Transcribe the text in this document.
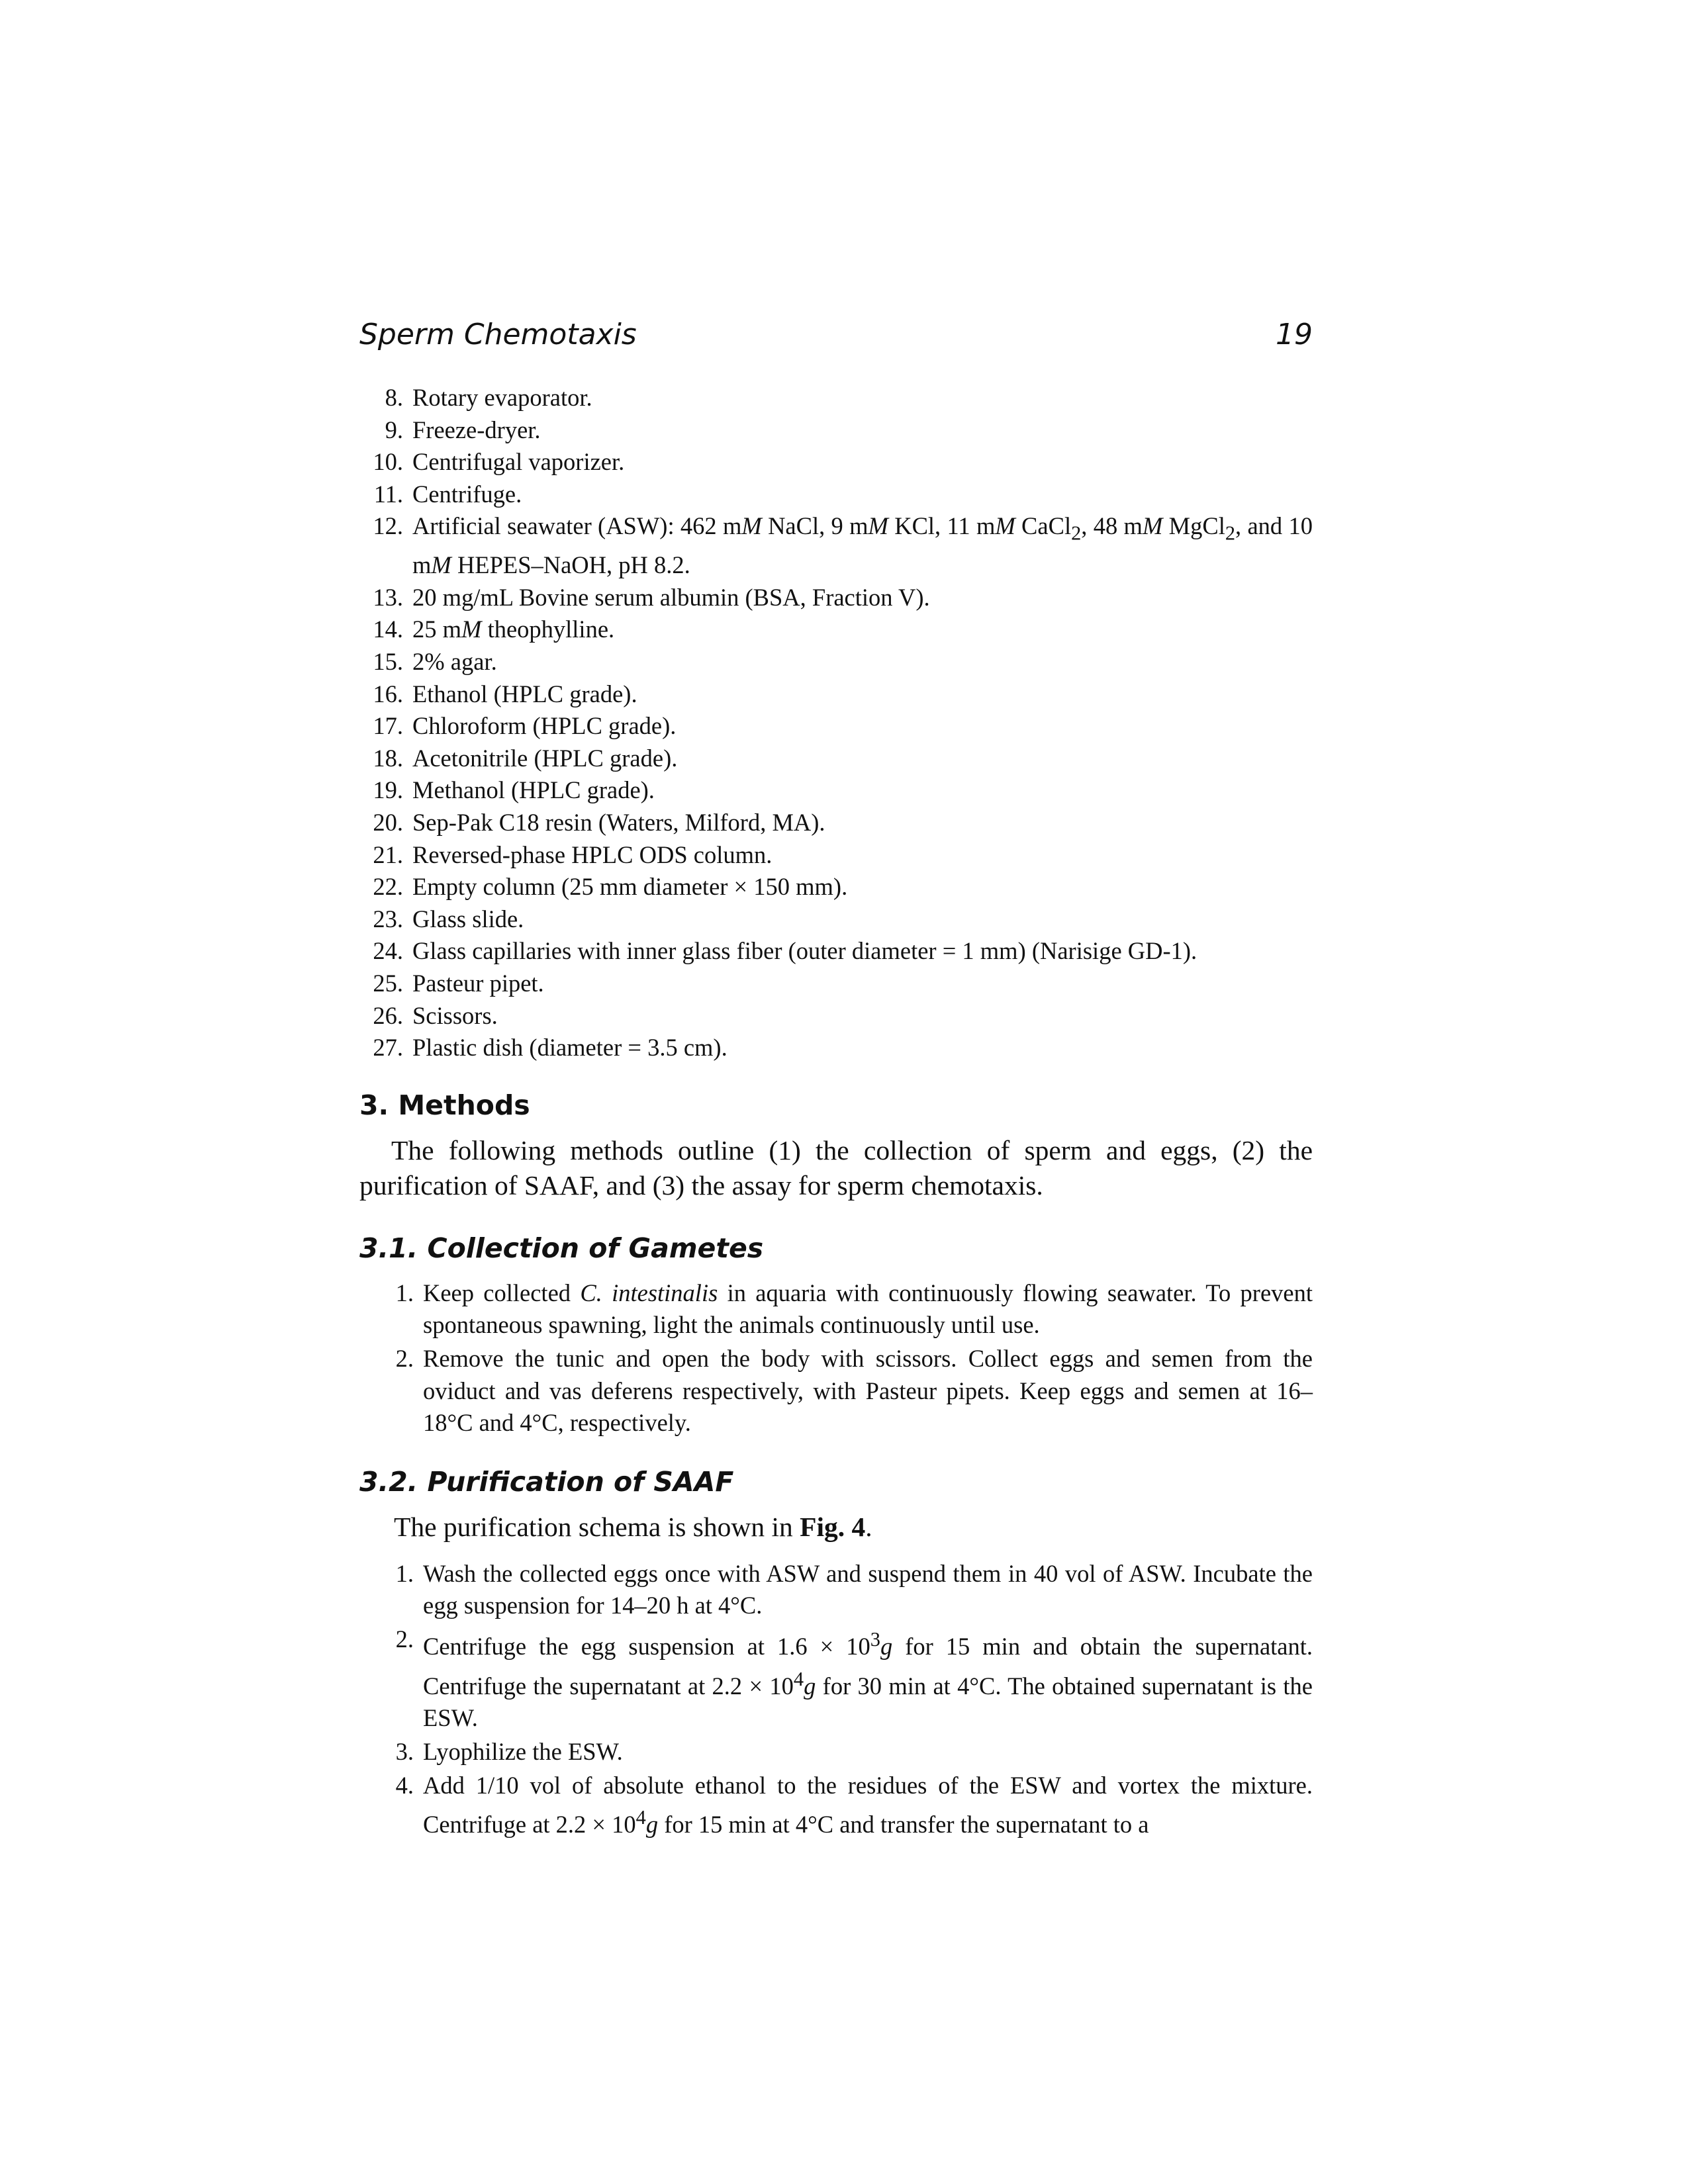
Sperm Chemotaxis	19
8. Rotary evaporator.
9. Freeze-dryer.
10. Centrifugal vaporizer.
11. Centrifuge.
12. Artificial seawater (ASW): 462 mM NaCl, 9 mM KCl, 11 mM CaCl$_2$, 48 mM MgCl$_2$, and 10 mM HEPES–NaOH, pH 8.2.
13. 20 mg/mL Bovine serum albumin (BSA, Fraction V).
14. 25 mM theophylline.
15. 2% agar.
16. Ethanol (HPLC grade).
17. Chloroform (HPLC grade).
18. Acetonitrile (HPLC grade).
19. Methanol (HPLC grade).
20. Sep-Pak C18 resin (Waters, Milford, MA).
21. Reversed-phase HPLC ODS column.
22. Empty column (25 mm diameter × 150 mm).
23. Glass slide.
24. Glass capillaries with inner glass fiber (outer diameter = 1 mm) (Narisige GD-1).
25. Pasteur pipet.
26. Scissors.
27. Plastic dish (diameter = 3.5 cm).
3. Methods
The following methods outline (1) the collection of sperm and eggs, (2) the purification of SAAF, and (3) the assay for sperm chemotaxis.
3.1. Collection of Gametes
1. Keep collected C. intestinalis in aquaria with continuously flowing seawater. To prevent spontaneous spawning, light the animals continuously until use.
2. Remove the tunic and open the body with scissors. Collect eggs and semen from the oviduct and vas deferens respectively, with Pasteur pipets. Keep eggs and semen at 16–18°C and 4°C, respectively.
3.2. Purification of SAAF
The purification schema is shown in Fig. 4.
1. Wash the collected eggs once with ASW and suspend them in 40 vol of ASW. Incubate the egg suspension for 14–20 h at 4°C.
2. Centrifuge the egg suspension at $1.6 \times 10^3g$ for 15 min and obtain the supernatant. Centrifuge the supernatant at $2.2 \times 10^4g$ for 30 min at 4°C. The obtained supernatant is the ESW.
3. Lyophilize the ESW.
4. Add 1/10 vol of absolute ethanol to the residues of the ESW and vortex the mixture. Centrifuge at $2.2 \times 10^4g$ for 15 min at 4°C and transfer the supernatant to a
